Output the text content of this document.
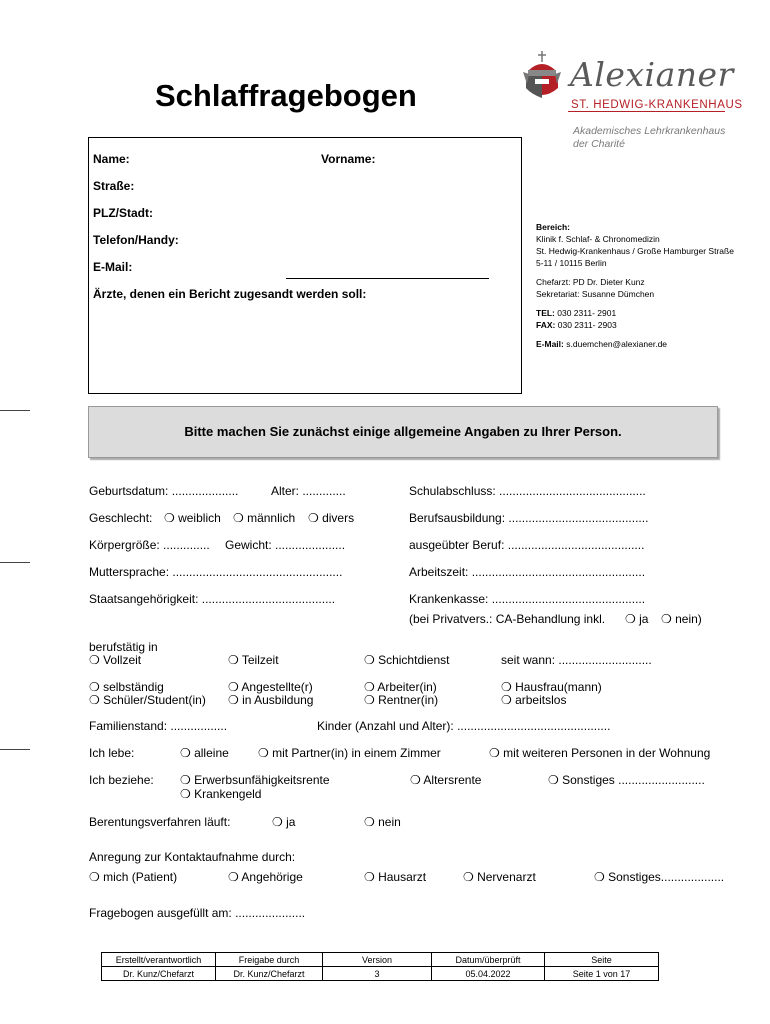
Schlaffragebogen
Alexianer
ST. HEDWIG-KRANKENHAUS
Akademisches Lehrkrankenhaus
der Charité
Name:	Vorname:
Straße:
PLZ/Stadt:
Telefon/Handy:
E-Mail:
Ärzte, denen ein Bericht zugesandt werden soll:
Bereich:
Klinik f. Schlaf- & Chronomedizin
St. Hedwig-Krankenhaus / Große Hamburger Straße
5-11 / 10115 Berlin
Chefarzt: PD Dr. Dieter Kunz
Sekretariat: Susanne Dümchen
TEL: 030 2311- 2901
FAX: 030 2311- 2903
E-Mail: s.duemchen@alexianer.de
Bitte machen Sie zunächst einige allgemeine Angaben zu Ihrer Person.
Geburtsdatum: ....................	Alter: .............	Schulabschluss: ............................................
Geschlecht: ❍ weiblich ❍ männlich ❍ divers	Berufsausbildung: ..........................................
Körpergröße: .............. Gewicht: .....................	ausgeübter Beruf: .........................................
Muttersprache: ...................................................	Arbeitszeit: ....................................................
Staatsangehörigkeit: ........................................	Krankenkasse: ..............................................
(bei Privatvers.: CA-Behandlung inkl. ❍ ja ❍ nein)
berufstätig in
❍ Vollzeit	❍ Teilzeit	❍ Schichtdienst	seit wann: ............................
❍ selbständig	❍ Angestellte(r)	❍ Arbeiter(in)	❍ Hausfrau(mann)
❍ Schüler/Student(in) ❍ in Ausbildung	❍ Rentner(in)	❍ arbeitslos
Familienstand: .................	Kinder (Anzahl und Alter): ..............................................
Ich lebe:	❍ alleine ❍ mit Partner(in) in einem Zimmer	❍ mit weiteren Personen in der Wohnung
Ich beziehe: ❍ Erwerbsunfähigkeitsrente	❍ Altersrente	❍ Sonstiges ..........................
❍ Krankengeld
Berentungsverfahren läuft:	❍ ja	❍ nein
Anregung zur Kontaktaufnahme durch:
❍ mich (Patient)	❍ Angehörige	❍ Hausarzt	❍ Nervenarzt	❍ Sonstiges...................
Fragebogen ausgefüllt am: .....................
Erstellt/verantwortlich	Freigabe durch	Version	Datum/überprüft	Seite
Dr. Kunz/Chefarzt	Dr. Kunz/Chefarzt	3	05.04.2022	Seite 1 von 17
